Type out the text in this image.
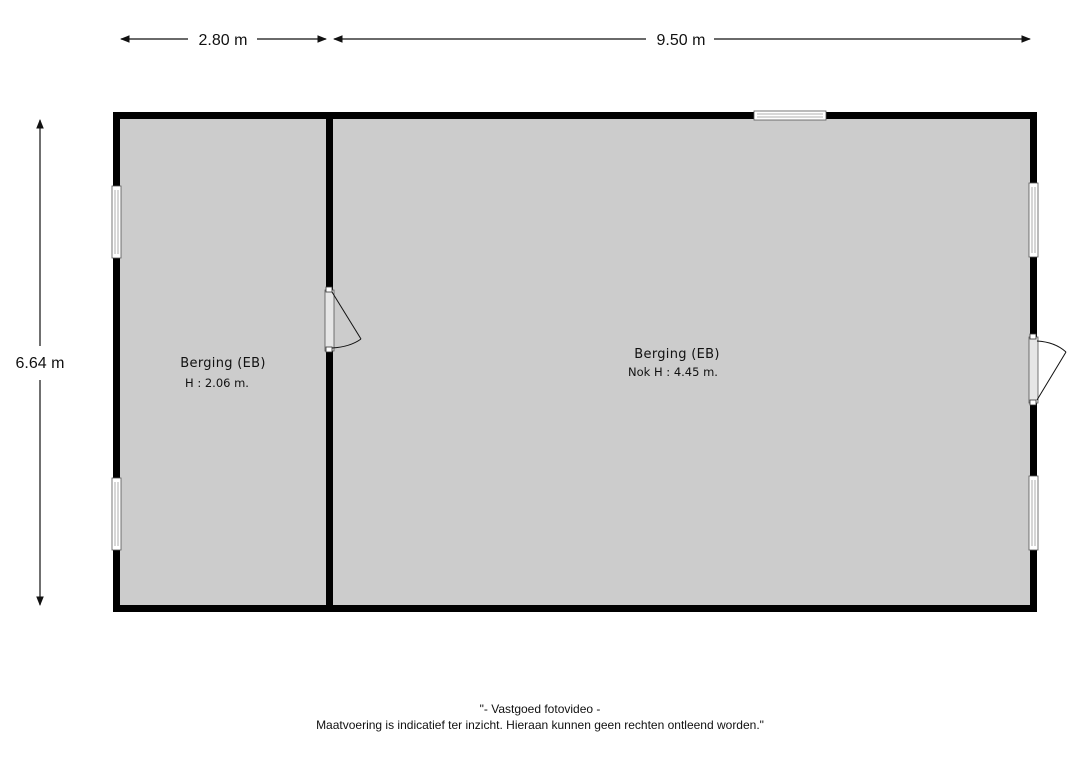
2.80 m	9.50 m
6.64 m	Berging (EB)
H : 2.06 m.
Berging (EB)
Nok H : 4.45 m.
"- Vastgoed fotovideo -
Maatvoering is indicatief ter inzicht. Hieraan kunnen geen rechten ontleend worden."
